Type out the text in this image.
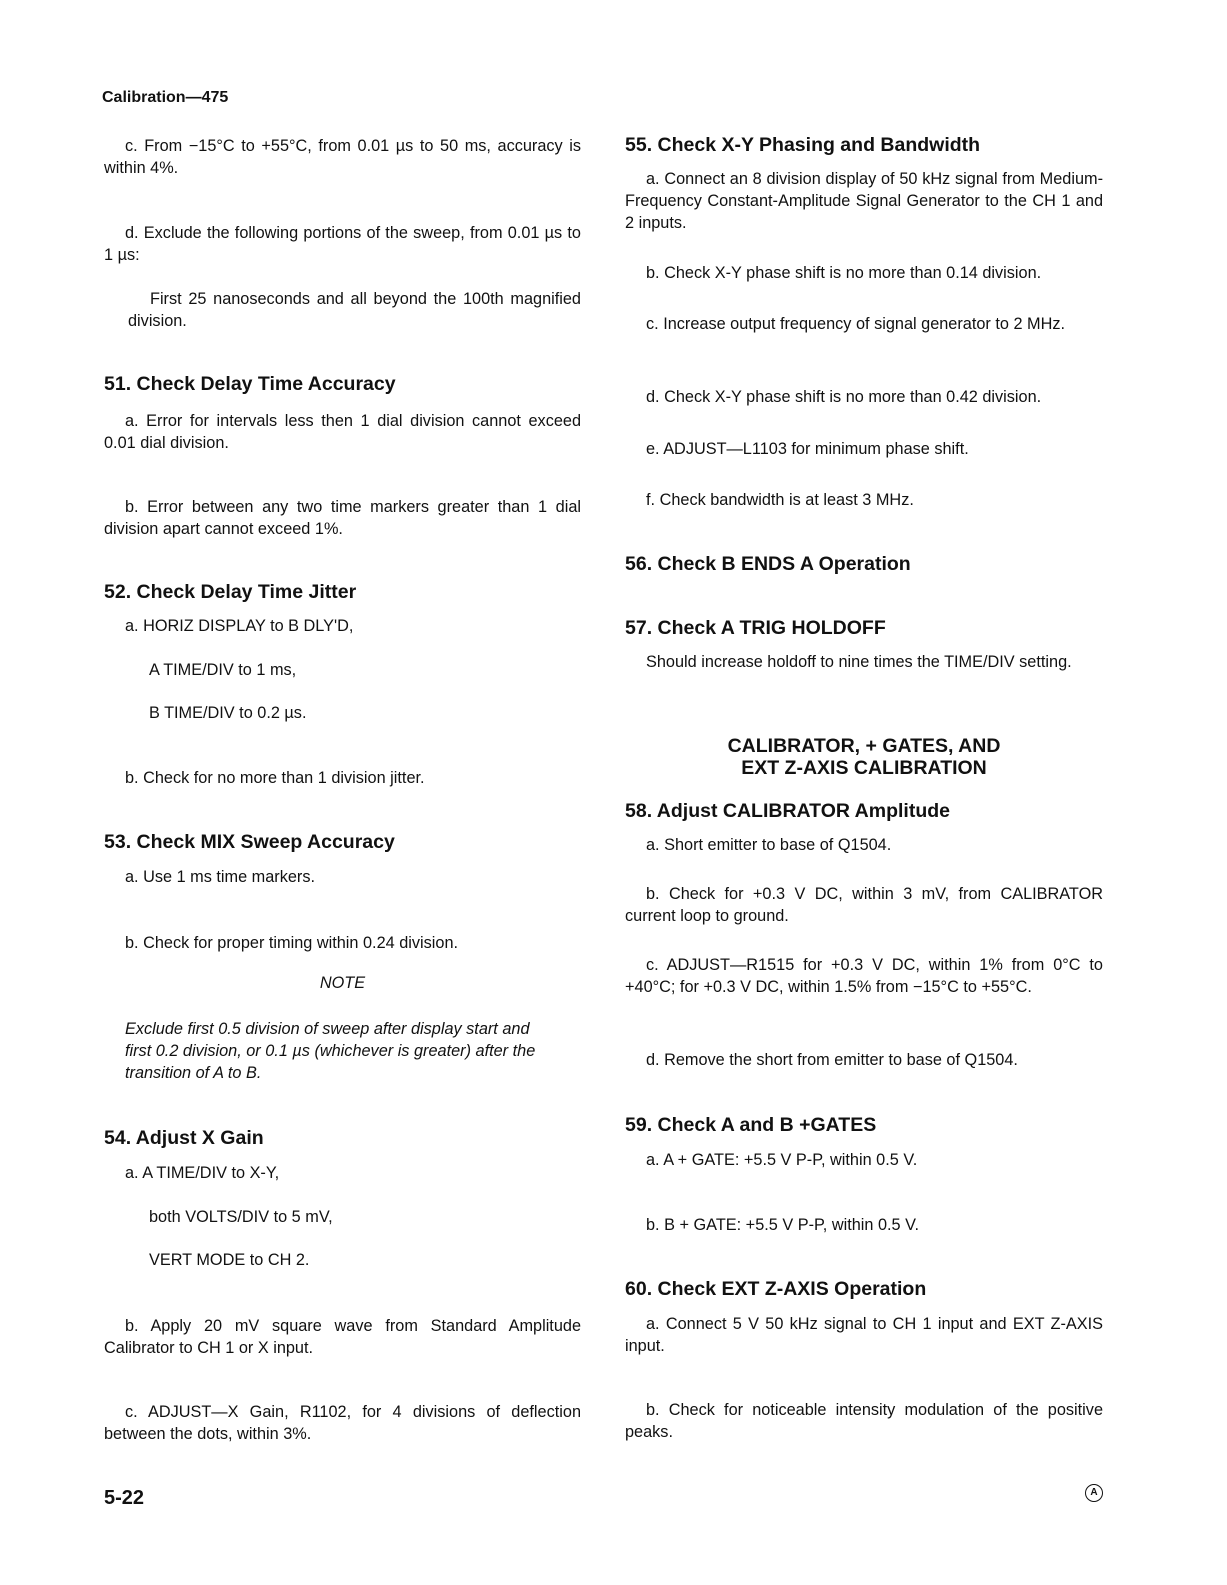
Calibration—475

c. From −15°C to +55°C, from 0.01 µs to 50 ms, accuracy is within 4%.

d. Exclude the following portions of the sweep, from 0.01 µs to 1 µs:

First 25 nanoseconds and all beyond the 100th magnified division.

51. Check Delay Time Accuracy

a. Error for intervals less then 1 dial division cannot exceed 0.01 dial division.

b. Error between any two time markers greater than 1 dial division apart cannot exceed 1%.

52. Check Delay Time Jitter

a. HORIZ DISPLAY to B DLY'D,

A TIME/DIV to 1 ms,

B TIME/DIV to 0.2 µs.

b. Check for no more than 1 division jitter.

53. Check MIX Sweep Accuracy

a. Use 1 ms time markers.

b. Check for proper timing within 0.24 division.

NOTE
Exclude first 0.5 division of sweep after display start and first 0.2 division, or 0.1 µs (whichever is greater) after the transition of A to B.
54. Adjust X Gain

a. A TIME/DIV to X-Y,

both VOLTS/DIV to 5 mV,

VERT MODE to CH 2.

b. Apply 20 mV square wave from Standard Amplitude Calibrator to CH 1 or X input.

c. ADJUST—X Gain, R1102, for 4 divisions of deflection between the dots, within 3%.

55. Check X-Y Phasing and Bandwidth

a. Connect an 8 division display of 50 kHz signal from Medium-Frequency Constant-Amplitude Signal Generator to the CH 1 and 2 inputs.

b. Check X-Y phase shift is no more than 0.14 division.

c. Increase output frequency of signal generator to 2 MHz.

d. Check X-Y phase shift is no more than 0.42 division.

e. ADJUST—L1103 for minimum phase shift.

f. Check bandwidth is at least 3 MHz.

56. Check B ENDS A Operation
57. Check A TRIG HOLDOFF

Should increase holdoff to nine times the TIME/DIV setting.

CALIBRATOR, + GATES, AND
EXT Z-AXIS CALIBRATION
58. Adjust CALIBRATOR Amplitude

a. Short emitter to base of Q1504.

b. Check for +0.3 V DC, within 3 mV, from CALIBRATOR current loop to ground.

c. ADJUST—R1515 for +0.3 V DC, within 1% from 0°C to +40°C; for +0.3 V DC, within 1.5% from −15°C to +55°C.

d. Remove the short from emitter to base of Q1504.

59. Check A and B +GATES

a. A + GATE: +5.5 V P-P, within 0.5 V.

b. B + GATE: +5.5 V P-P, within 0.5 V.

60. Check EXT Z-AXIS Operation

a. Connect 5 V 50 kHz signal to CH 1 input and EXT Z-AXIS input.

b. Check for noticeable intensity modulation of the positive peaks.

5-22	A
